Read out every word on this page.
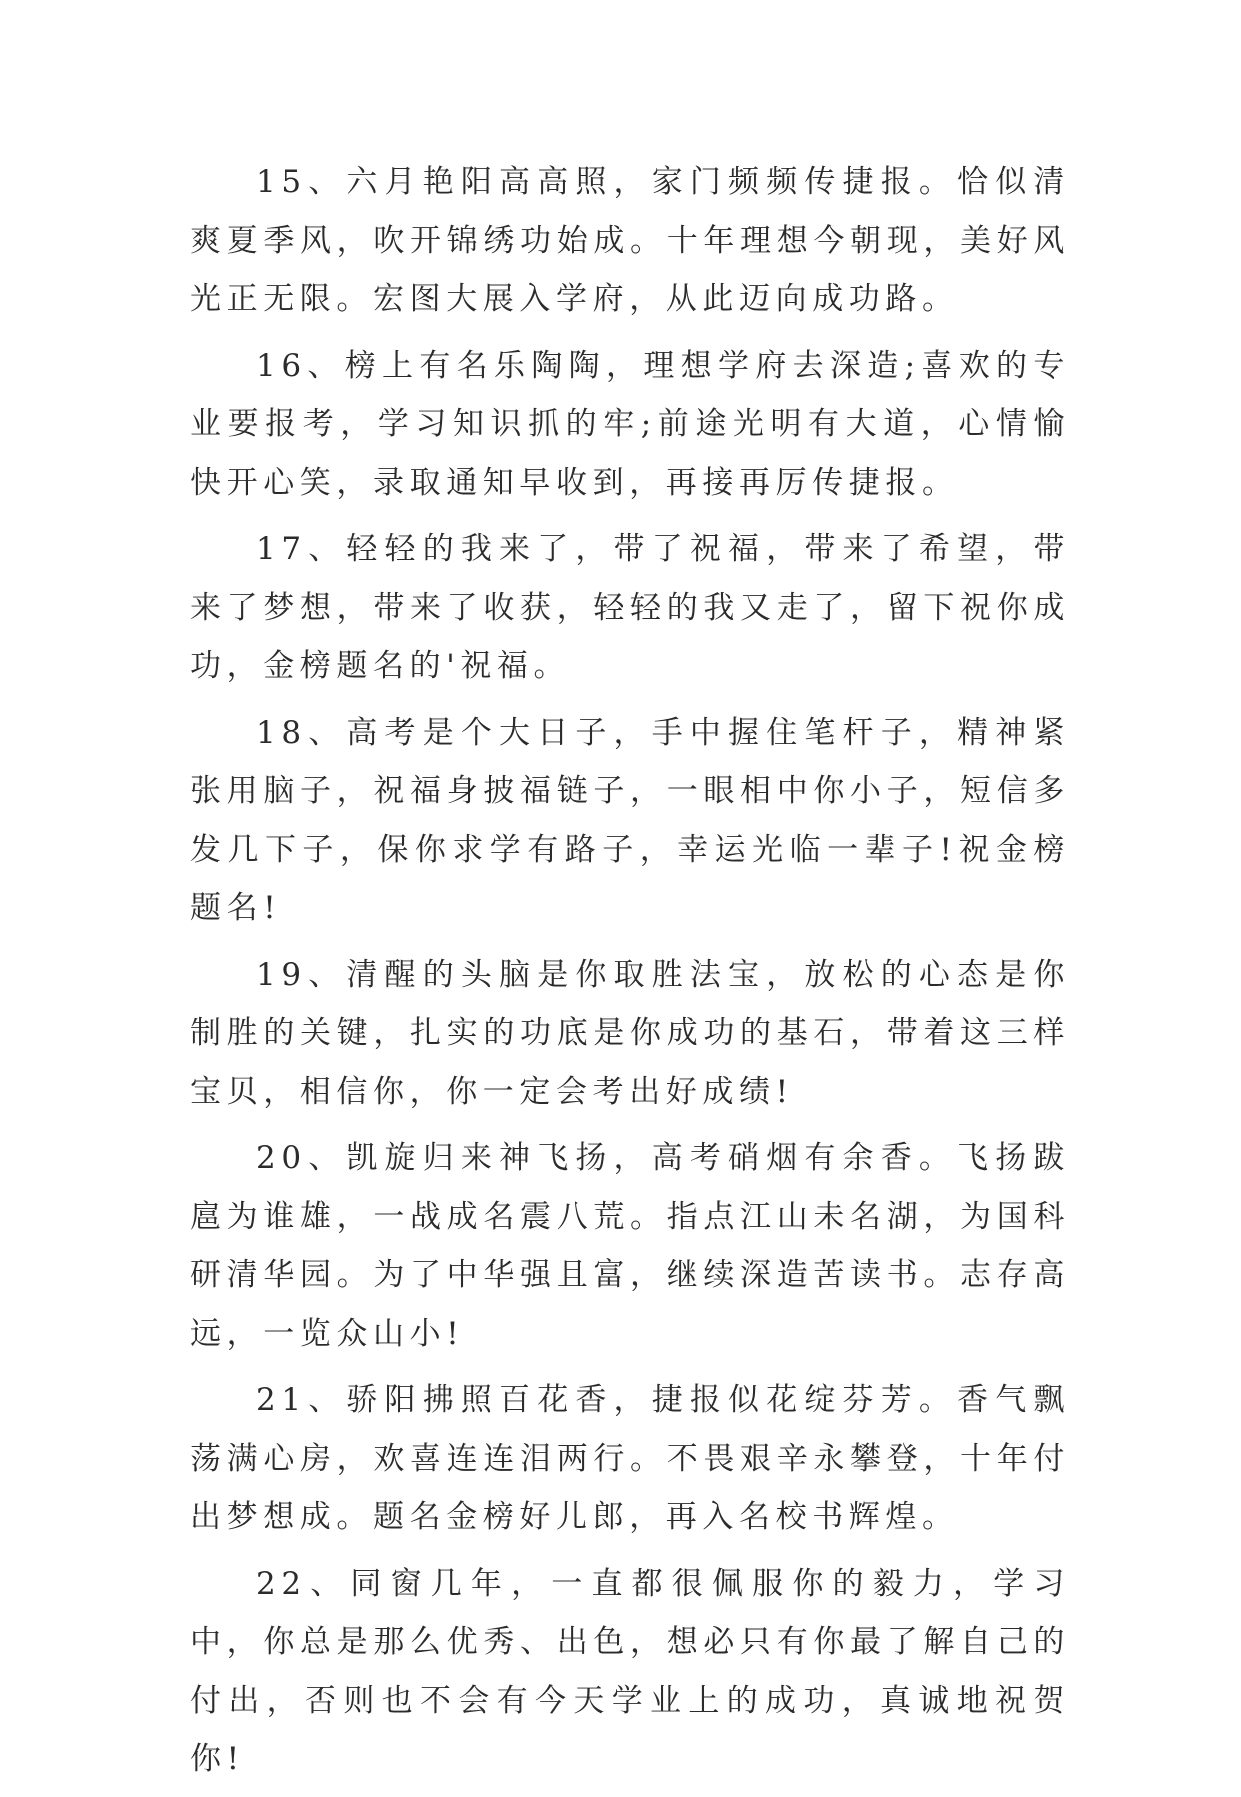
15、六月艳阳高高照，家门频频传捷报。恰似清爽夏季风，吹开锦绣功始成。十年理想今朝现，美好风光正无限。宏图大展入学府，从此迈向成功路。

16、榜上有名乐陶陶，理想学府去深造;喜欢的专业要报考，学习知识抓的牢;前途光明有大道，心情愉快开心笑，录取通知早收到，再接再厉传捷报。

17、轻轻的我来了，带了祝福，带来了希望，带来了梦想，带来了收获，轻轻的我又走了，留下祝你成功，金榜题名的'祝福。

18、高考是个大日子，手中握住笔杆子，精神紧张用脑子，祝福身披福链子，一眼相中你小子，短信多发几下子，保你求学有路子，幸运光临一辈子!祝金榜题名!

19、清醒的头脑是你取胜法宝，放松的心态是你制胜的关键，扎实的功底是你成功的基石，带着这三样宝贝，相信你，你一定会考出好成绩!

20、凯旋归来神飞扬，高考硝烟有余香。飞扬跋扈为谁雄，一战成名震八荒。指点江山未名湖，为国科研清华园。为了中华强且富，继续深造苦读书。志存高远，一览众山小!

21、骄阳拂照百花香，捷报似花绽芬芳。香气飘荡满心房，欢喜连连泪两行。不畏艰辛永攀登，十年付出梦想成。题名金榜好儿郎，再入名校书辉煌。

22、同窗几年，一直都很佩服你的毅力，学习中，你总是那么优秀、出色，想必只有你最了解自己的付出，否则也不会有今天学业上的成功，真诚地祝贺你!
